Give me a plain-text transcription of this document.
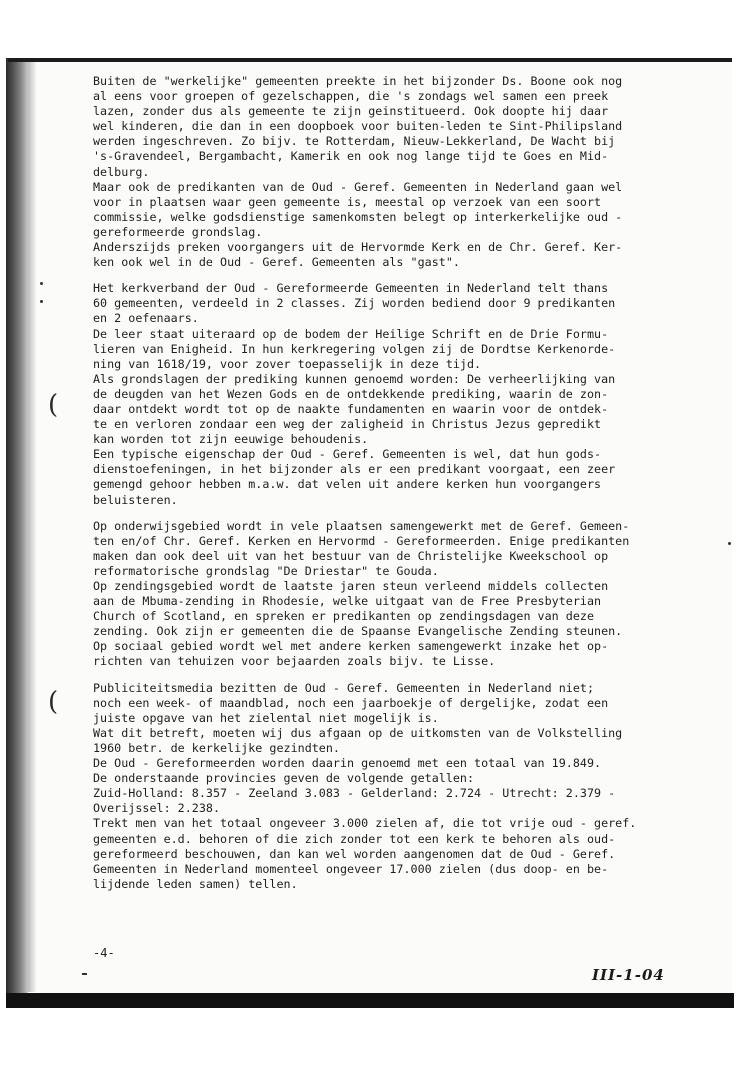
(
(
Buiten de "werkelijke" gemeenten preekte in het bijzonder Ds. Boone ook nog
al eens voor groepen of gezelschappen, die 's zondags wel samen een preek
lazen, zonder dus als gemeente te zijn geinstitueerd. Ook doopte hij daar
wel kinderen, die dan in een doopboek voor buiten-leden te Sint-Philipsland
werden ingeschreven. Zo bijv. te Rotterdam, Nieuw-Lekkerland, De Wacht bij
's-Gravendeel, Bergambacht, Kamerik en ook nog lange tijd te Goes en Mid-
delburg.
Maar ook de predikanten van de Oud - Geref. Gemeenten in Nederland gaan wel
voor in plaatsen waar geen gemeente is, meestal op verzoek van een soort
commissie, welke godsdienstige samenkomsten belegt op interkerkelijke oud -
gereformeerde grondslag.
Anderszijds preken voorgangers uit de Hervormde Kerk en de Chr. Geref. Ker-
ken ook wel in de Oud - Geref. Gemeenten als "gast".
Het kerkverband der Oud - Gereformeerde Gemeenten in Nederland telt thans
60 gemeenten, verdeeld in 2 classes. Zij worden bediend door 9 predikanten
en 2 oefenaars.
De leer staat uiteraard op de bodem der Heilige Schrift en de Drie Formu-
lieren van Enigheid. In hun kerkregering volgen zij de Dordtse Kerkenorde-
ning van 1618/19, voor zover toepasselijk in deze tijd.
Als grondslagen der prediking kunnen genoemd worden: De verheerlijking van
de deugden van het Wezen Gods en de ontdekkende prediking, waarin de zon-
daar ontdekt wordt tot op de naakte fundamenten en waarin voor de ontdek-
te en verloren zondaar een weg der zaligheid in Christus Jezus gepredikt
kan worden tot zijn eeuwige behoudenis.
Een typische eigenschap der Oud - Geref. Gemeenten is wel, dat hun gods-
dienstoefeningen, in het bijzonder als er een predikant voorgaat, een zeer
gemengd gehoor hebben m.a.w. dat velen uit andere kerken hun voorgangers
beluisteren.
Op onderwijsgebied wordt in vele plaatsen samengewerkt met de Geref. Gemeen-
ten en/of Chr. Geref. Kerken en Hervormd - Gereformeerden. Enige predikanten
maken dan ook deel uit van het bestuur van de Christelijke Kweekschool op
reformatorische grondslag "De Driestar" te Gouda.
Op zendingsgebied wordt de laatste jaren steun verleend middels collecten
aan de Mbuma-zending in Rhodesie, welke uitgaat van de Free Presbyterian
Church of Scotland, en spreken er predikanten op zendingsdagen van deze
zending. Ook zijn er gemeenten die de Spaanse Evangelische Zending steunen.
Op sociaal gebied wordt wel met andere kerken samengewerkt inzake het op-
richten van tehuizen voor bejaarden zoals bijv. te Lisse.
Publiciteitsmedia bezitten de Oud - Geref. Gemeenten in Nederland niet;
noch een week- of maandblad, noch een jaarboekje of dergelijke, zodat een
juiste opgave van het zielental niet mogelijk is.
Wat dit betreft, moeten wij dus afgaan op de uitkomsten van de Volkstelling
1960 betr. de kerkelijke gezindten.
De Oud - Gereformeerden worden daarin genoemd met een totaal van 19.849.
De onderstaande provincies geven de volgende getallen:
Zuid-Holland: 8.357 - Zeeland 3.083 - Gelderland: 2.724 - Utrecht: 2.379 -
Overijssel: 2.238.
Trekt men van het totaal ongeveer 3.000 zielen af, die tot vrije oud - geref.
gemeenten e.d. behoren of die zich zonder tot een kerk te behoren als oud-
gereformeerd beschouwen, dan kan wel worden aangenomen dat de Oud - Geref.
Gemeenten in Nederland momenteel ongeveer 17.000 zielen (dus doop- en be-
lijdende leden samen) tellen.
-4-
III-1-04
